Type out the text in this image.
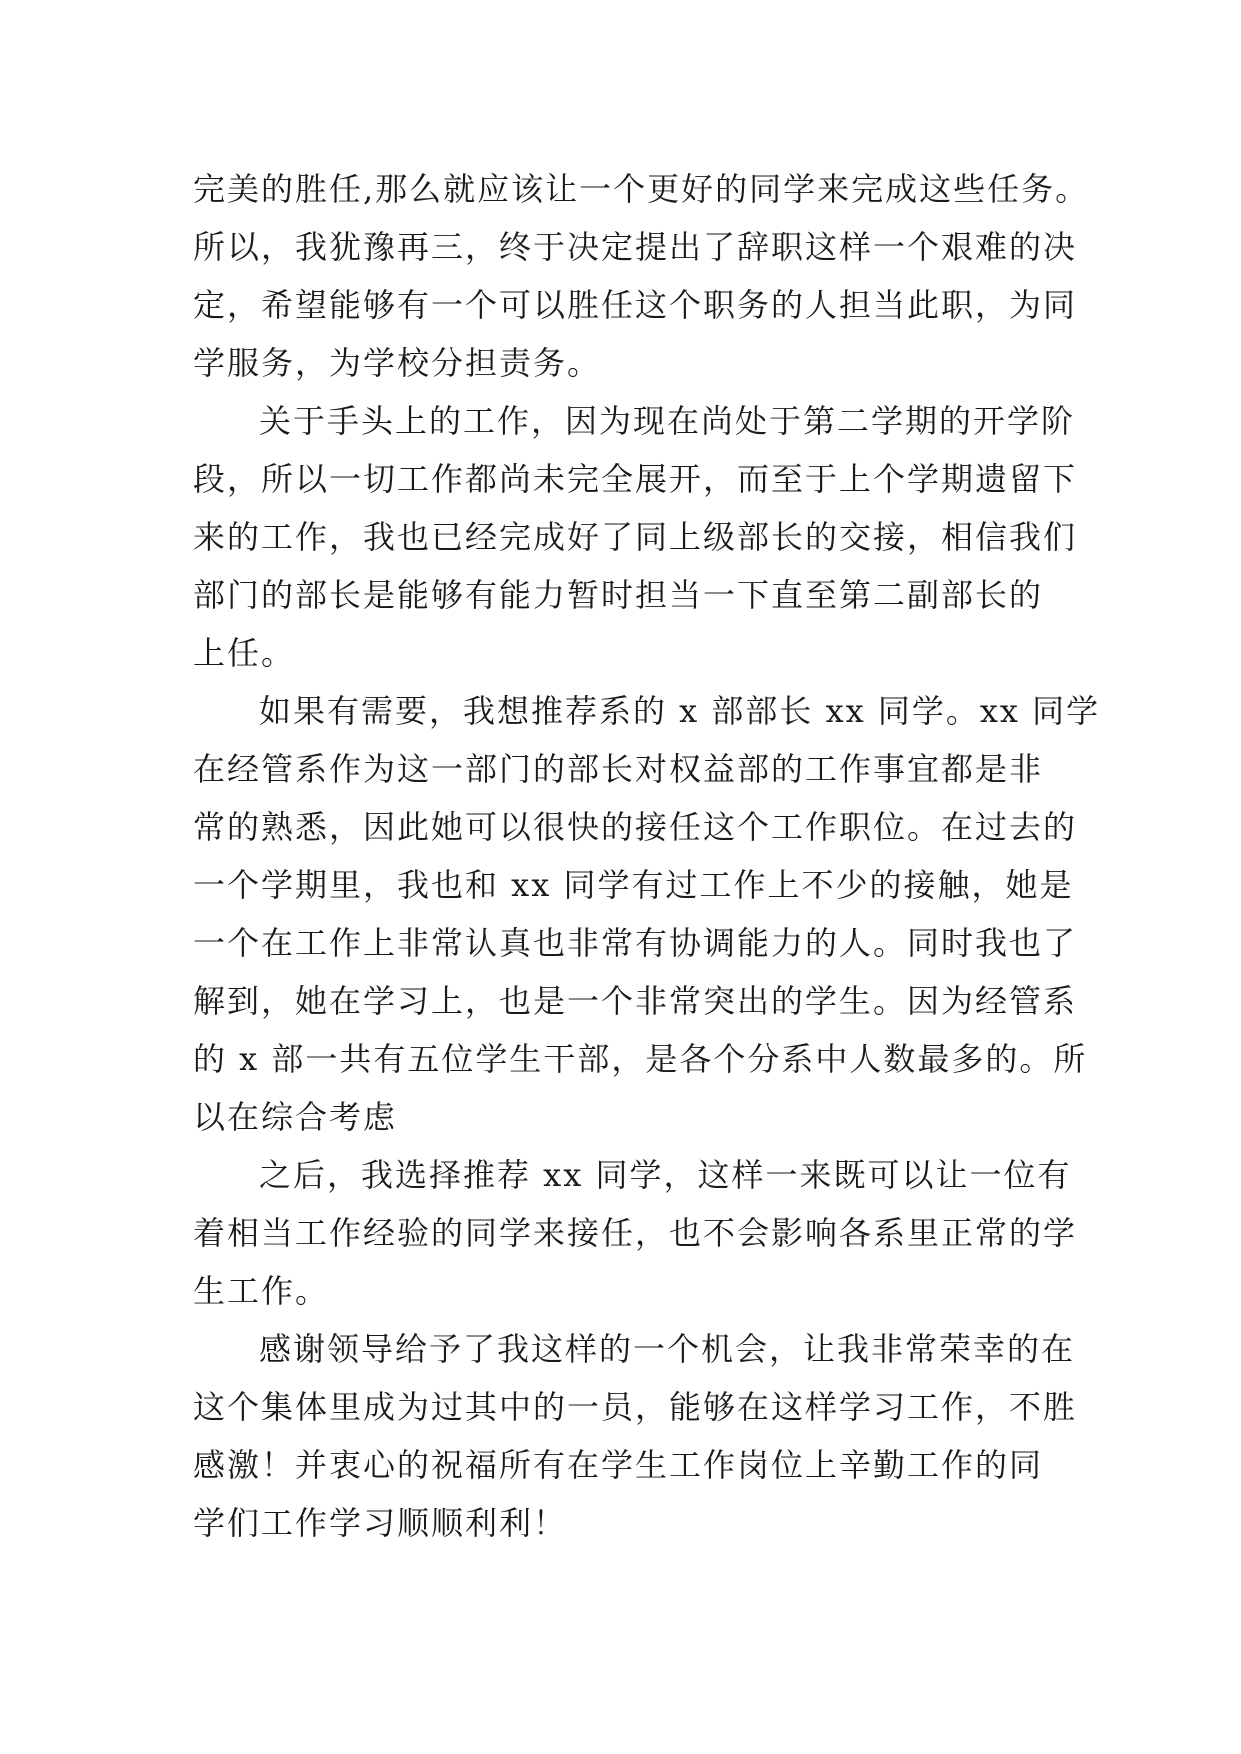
完美的胜任,那么就应该让一个更好的同学来完成这些任务。
所以，我犹豫再三，终于决定提出了辞职这样一个艰难的决
定，希望能够有一个可以胜任这个职务的人担当此职，为同
学服务，为学校分担责务。
关于手头上的工作，因为现在尚处于第二学期的开学阶
段，所以一切工作都尚未完全展开，而至于上个学期遗留下
来的工作，我也已经完成好了同上级部长的交接，相信我们
部门的部长是能够有能力暂时担当一下直至第二副部长的
上任。
如果有需要，我想推荐系的 x 部部长 xx 同学。xx 同学
在经管系作为这一部门的部长对权益部的工作事宜都是非
常的熟悉，因此她可以很快的接任这个工作职位。在过去的
一个学期里，我也和 xx 同学有过工作上不少的接触，她是
一个在工作上非常认真也非常有协调能力的人。同时我也了
解到，她在学习上，也是一个非常突出的学生。因为经管系
的 x 部一共有五位学生干部，是各个分系中人数最多的。所
以在综合考虑
之后，我选择推荐 xx 同学，这样一来既可以让一位有
着相当工作经验的同学来接任，也不会影响各系里正常的学
生工作。
感谢领导给予了我这样的一个机会，让我非常荣幸的在
这个集体里成为过其中的一员，能够在这样学习工作，不胜
感激！并衷心的祝福所有在学生工作岗位上辛勤工作的同
学们工作学习顺顺利利！
